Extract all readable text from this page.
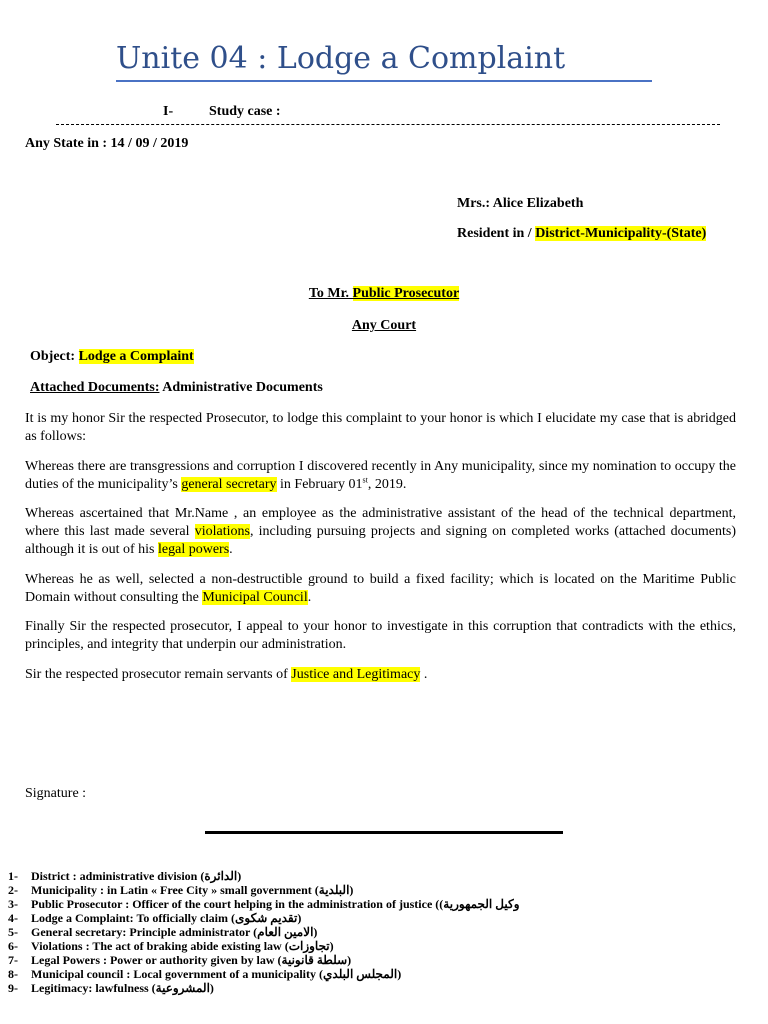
Unite 04 : Lodge a Complaint
I-	Study case :
Any State in : 14 / 09 / 2019
Mrs.: Alice Elizabeth
Resident in / District-Municipality-(State)
To Mr. Public Prosecutor
Any Court
Object: Lodge a Complaint
Attached Documents: Administrative Documents
It is my honor Sir the respected Prosecutor, to lodge this complaint to your honor is which I elucidate my case that is abridged as follows:
Whereas there are transgressions and corruption I discovered recently in Any municipality, since my nomination to occupy the duties of the municipality’s general secretary in February 01st, 2019.
Whereas ascertained that Mr.Name , an employee as the administrative assistant of the head of the technical department, where this last made several violations, including pursuing projects and signing on completed works (attached documents) although it is out of his legal powers.
Whereas he as well, selected a non-destructible ground to build a fixed facility; which is located on the Maritime Public Domain without consulting the Municipal Council.
Finally Sir the respected prosecutor, I appeal to your honor to investigate in this corruption that contradicts with the ethics, principles, and integrity that underpin our administration.
Sir the respected prosecutor remain servants of Justice and Legitimacy .
Signature :
1-	District : administrative division (الدائرة)
2-	Municipality : in Latin « Free City » small government (البلدية)
3-	Public Prosecutor : Officer of the court helping in the administration of justice ((وكيل الجمهورية
4-	Lodge a Complaint: To officially claim (تقديم شكوى)
5-	General secretary: Principle administrator (الامين العام)
6-	Violations : The act of braking abide existing law (تجاوزات)
7-	Legal Powers : Power or authority given by law (سلطة قانونية)
8-	Municipal council : Local government of a municipality (المجلس البلدي)
9-	Legitimacy: lawfulness (المشروعية)
